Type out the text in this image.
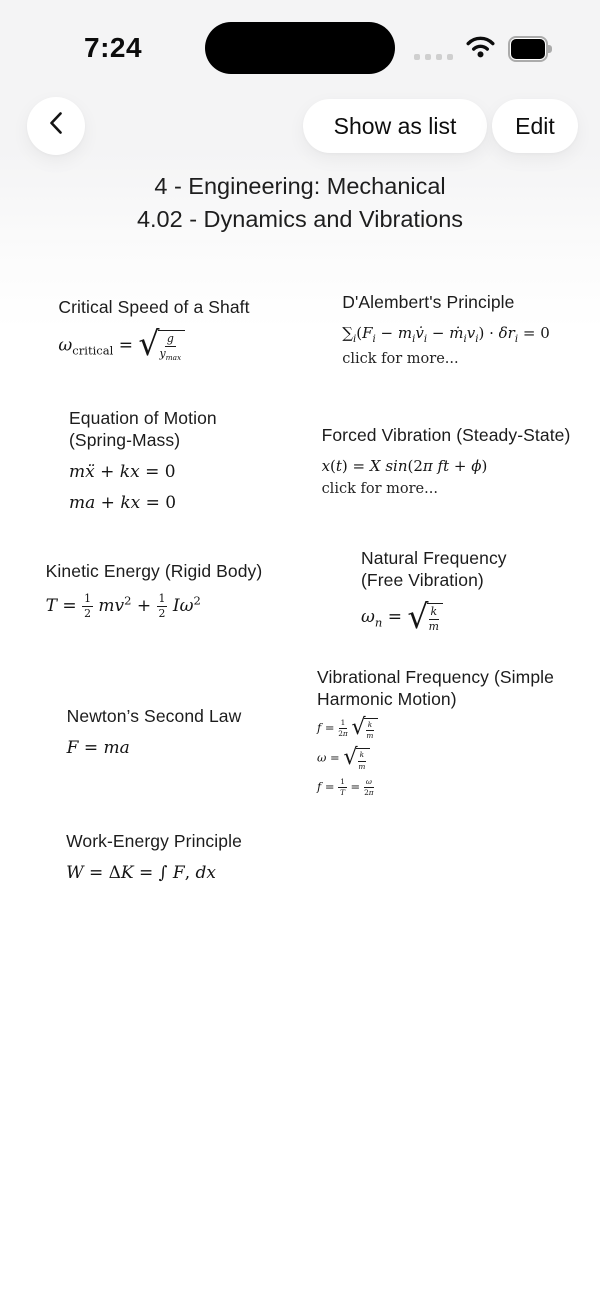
7:24
Show as list	Edit
4 - Engineering: Mechanical
4.02 - Dynamics and Vibrations
Critical Speed of a Shaft
$\omega_{critical}$ = √ g
$y_{max}$
D'Alembert's Principle
$\sum_i(F_i$ − $m_iv̇_i$ − $ṁ_iv_i) \cdot \delta r_i = 0$
click for more...
Equation of Motion (Spring-Mass)
mẍ + kx = 0
ma + kx = 0
Forced Vibration (Steady-State)
x(t) = X sin(2π ft + ϕ)
click for more...
Kinetic Energy (Rigid Body)
$T = \frac{1}{2} mv^2 + \frac{1}{2} I\omega^2$
Natural Frequency (Free Vibration)
$\omega_n$ = √ k
m
Newton’s Second Law
F = ma
Vibrational Frequency (Simple Harmonic Motion)
$f = \frac{1}{2\pi}$
√ k
m
ω = √ k
m
$f = \frac{1}{T} = \frac{\omega}{2\pi}$
Work-Energy Principle
W = ΔK = ∫ F, dx
